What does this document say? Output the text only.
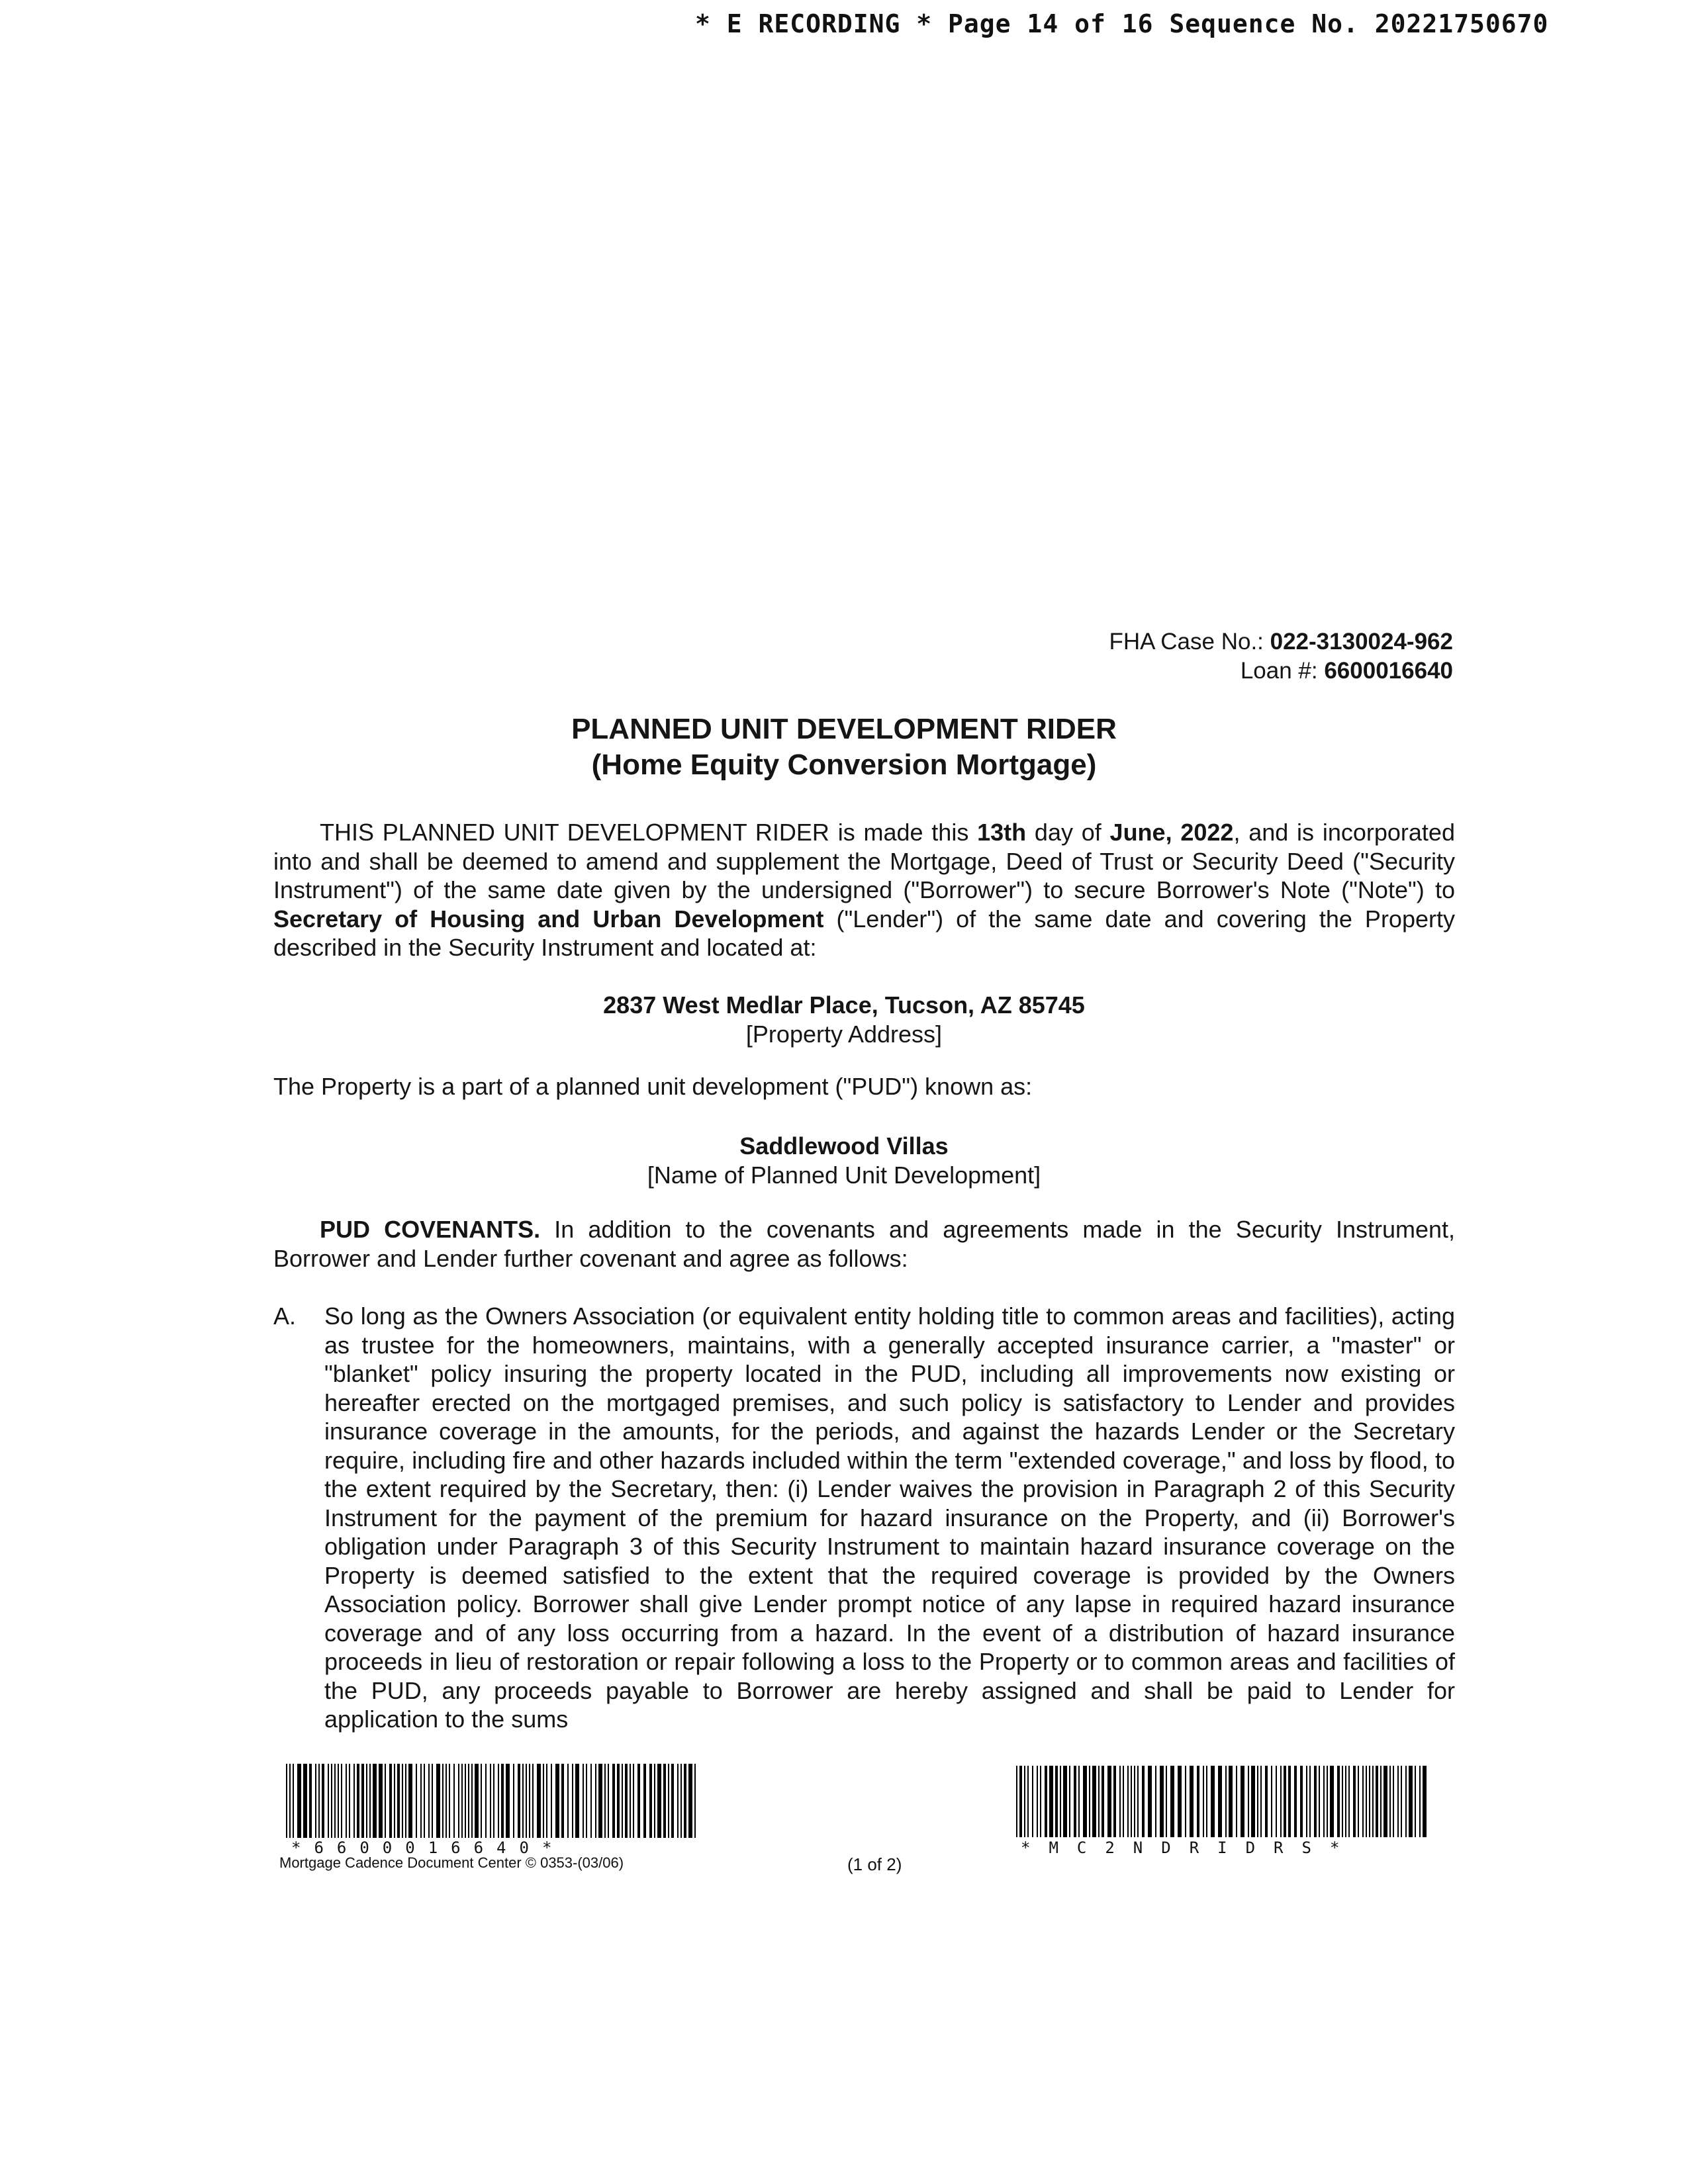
* E RECORDING * Page 14 of 16 Sequence No. 20221750670
FHA Case No.: 022-3130024-962
Loan #: 6600016640
PLANNED UNIT DEVELOPMENT RIDER
(Home Equity Conversion Mortgage)
THIS PLANNED UNIT DEVELOPMENT RIDER is made this 13th day of June, 2022, and is incorporated into and shall be deemed to amend and supplement the Mortgage, Deed of Trust or Security Deed ("Security Instrument") of the same date given by the undersigned ("Borrower") to secure Borrower's Note ("Note") to Secretary of Housing and Urban Development ("Lender") of the same date and covering the Property described in the Security Instrument and located at:
2837 West Medlar Place, Tucson, AZ 85745
[Property Address]
The Property is a part of a planned unit development ("PUD") known as:
Saddlewood Villas
[Name of Planned Unit Development]
PUD COVENANTS. In addition to the covenants and agreements made in the Security Instrument, Borrower and Lender further covenant and agree as follows:
A. So long as the Owners Association (or equivalent entity holding title to common areas and facilities), acting as trustee for the homeowners, maintains, with a generally accepted insurance carrier, a "master" or "blanket" policy insuring the property located in the PUD, including all improvements now existing or hereafter erected on the mortgaged premises, and such policy is satisfactory to Lender and provides insurance coverage in the amounts, for the periods, and against the hazards Lender or the Secretary require, including fire and other hazards included within the term "extended coverage," and loss by flood, to the extent required by the Secretary, then: (i) Lender waives the provision in Paragraph 2 of this Security Instrument for the payment of the premium for hazard insurance on the Property, and (ii) Borrower's obligation under Paragraph 3 of this Security Instrument to maintain hazard insurance coverage on the Property is deemed satisfied to the extent that the required coverage is provided by the Owners Association policy. Borrower shall give Lender prompt notice of any lapse in required hazard insurance coverage and of any loss occurring from a hazard. In the event of a distribution of hazard insurance proceeds in lieu of restoration or repair following a loss to the Property or to common areas and facilities of the PUD, any proceeds payable to Borrower are hereby assigned and shall be paid to Lender for application to the sums
*6600016640*	*MC2NDRIDRS*
Mortgage Cadence Document Center © 0353-(03/06)	(1 of 2)
